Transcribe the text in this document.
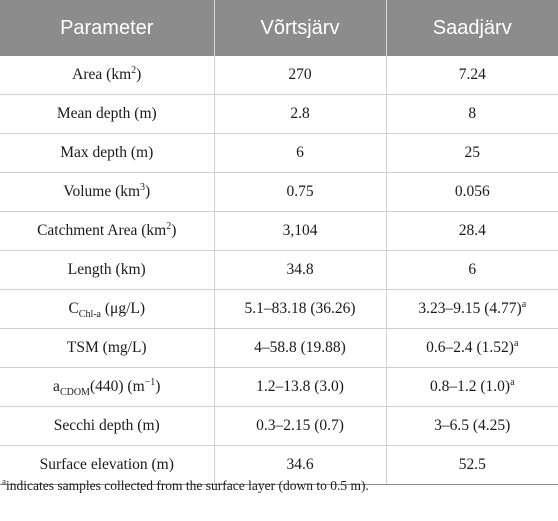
Parameter	Võrtsjärv	Saadjärv
Area $(km^2)$	270	7.24
Mean depth (m)	2.8	8
Max depth (m)	6	25
Volume $(km^3)$	0.75	0.056
Catchment Area $(km^2)$	3,104	28.4
Length (km)	34.8	6
$C_{Chl-a}$ (μg/L)	5.1–83.18 (36.26)	3.23–9.15 $(4.77)^a$
TSM (mg/L)	4–58.8 (19.88)	0.6–2.4 $(1.52)^a$
$a_{CDOM}(440)$ $(m^{-1})$	1.2–13.8 (3.0)	0.8–1.2 $(1.0)^a$
Secchi depth (m)	0.3–2.15 (0.7)	3–6.5 (4.25)
Surface elevation (m)	34.6	52.5
$^a$indicates samples collected from the surface layer (down to 0.5 m).
